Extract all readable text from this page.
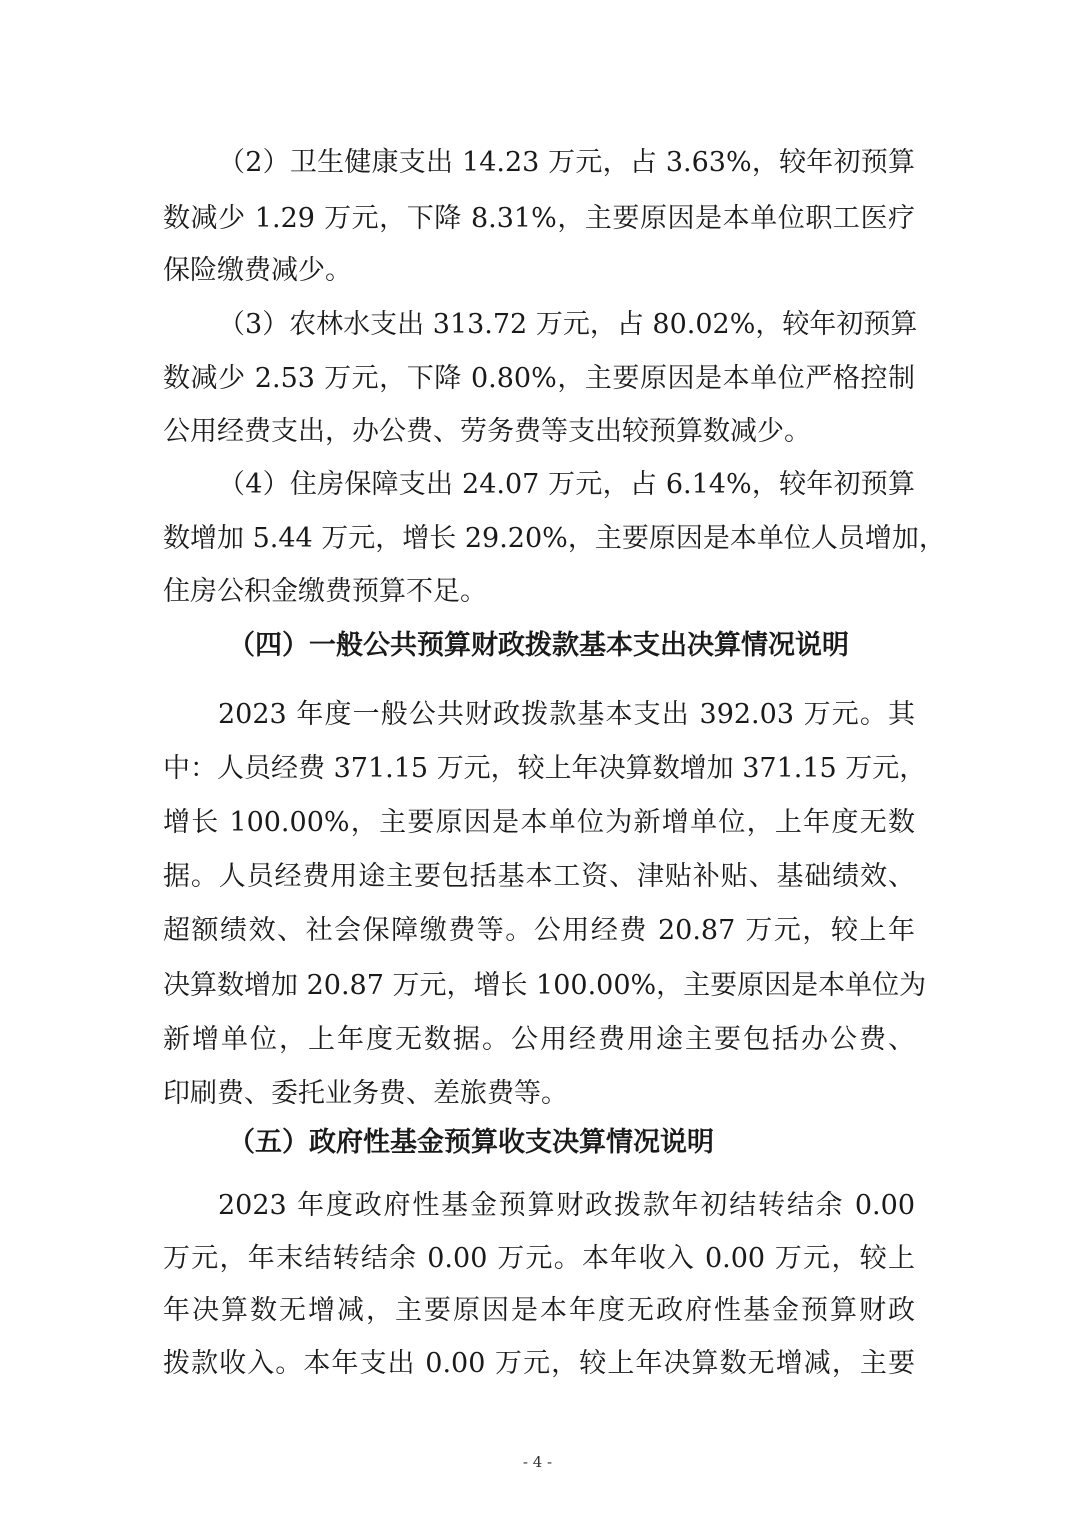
（2）卫生健康支出 14.23 万元，占 3.63%，较年初预算
数减少 1.29 万元，下降 8.31%，主要原因是本单位职工医疗
保险缴费减少。
（3）农林水支出 313.72 万元，占 80.02%，较年初预算
数减少 2.53 万元，下降 0.80%，主要原因是本单位严格控制
公用经费支出，办公费、劳务费等支出较预算数减少。
（4）住房保障支出 24.07 万元，占 6.14%，较年初预算
数增加 5.44 万元，增长 29.20%，主要原因是本单位人员增加，
住房公积金缴费预算不足。
（四）一般公共预算财政拨款基本支出决算情况说明
2023 年度一般公共财政拨款基本支出 392.03 万元。其
中：人员经费 371.15 万元，较上年决算数增加 371.15 万元，
增长 100.00%，主要原因是本单位为新增单位，上年度无数
据。人员经费用途主要包括基本工资、津贴补贴、基础绩效、
超额绩效、社会保障缴费等。公用经费 20.87 万元，较上年
决算数增加 20.87 万元，增长 100.00%，主要原因是本单位为
新增单位，上年度无数据。公用经费用途主要包括办公费、
印刷费、委托业务费、差旅费等。
（五）政府性基金预算收支决算情况说明
2023 年度政府性基金预算财政拨款年初结转结余 0.00
万元，年末结转结余 0.00 万元。本年收入 0.00 万元，较上
年决算数无增减，主要原因是本年度无政府性基金预算财政
拨款收入。本年支出 0.00 万元，较上年决算数无增减，主要
- 4 -
